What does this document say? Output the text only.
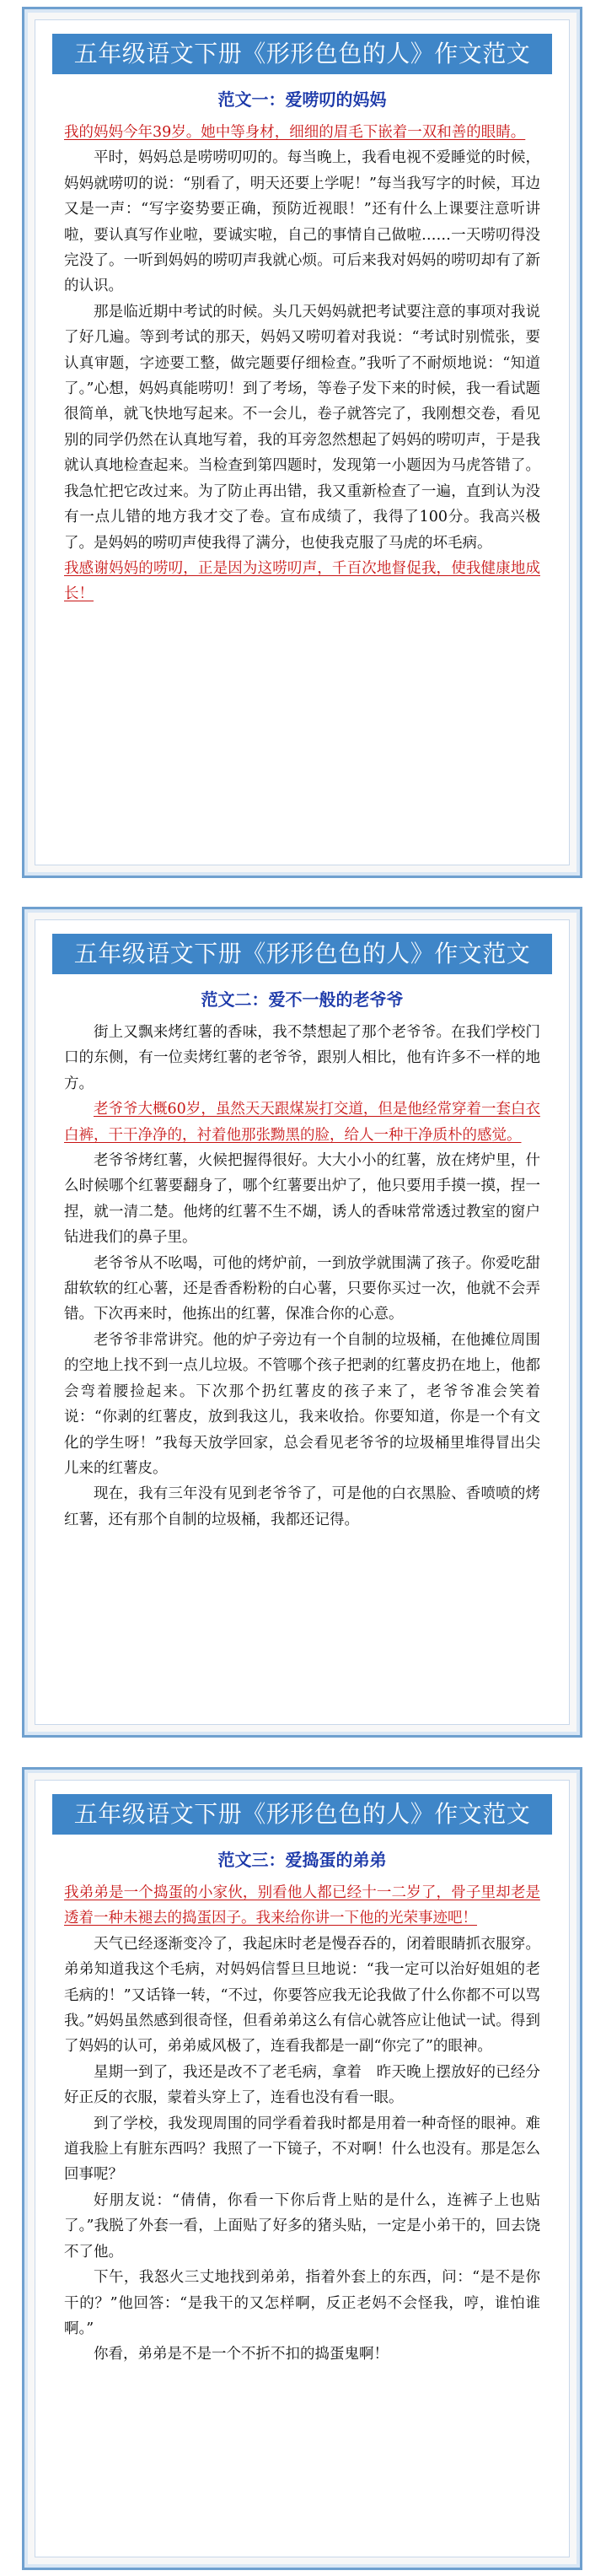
五年级语文下册《形形色色的人》作文范文
范文一：爱唠叨的妈妈

我的妈妈今年39岁。她中等身材，细细的眉毛下嵌着一双和善的眼睛。

平时，妈妈总是唠唠叨叨的。每当晚上，我看电视不爱睡觉的时候，妈妈就唠叨的说：“别看了，明天还要上学呢！”每当我写字的时候，耳边又是一声：“写字姿势要正确，预防近视眼！”还有什么上课要注意听讲啦，要认真写作业啦，要诚实啦，自己的事情自己做啦……一天唠叨得没完没了。一听到妈妈的唠叨声我就心烦。可后来我对妈妈的唠叨却有了新的认识。

那是临近期中考试的时候。头几天妈妈就把考试要注意的事项对我说了好几遍。等到考试的那天，妈妈又唠叨着对我说：“考试时别慌张，要认真审题，字迹要工整，做完题要仔细检查。”我听了不耐烦地说：“知道了。”心想，妈妈真能唠叨！到了考场，等卷子发下来的时候，我一看试题很简单，就飞快地写起来。不一会儿，卷子就答完了，我刚想交卷，看见别的同学仍然在认真地写着，我的耳旁忽然想起了妈妈的唠叨声，于是我就认真地检查起来。当检查到第四题时，发现第一小题因为马虎答错了。我急忙把它改过来。为了防止再出错，我又重新检查了一遍，直到认为没有一点儿错的地方我才交了卷。宣布成绩了，我得了100分。我高兴极了。是妈妈的唠叨声使我得了满分，也使我克服了马虎的坏毛病。

我感谢妈妈的唠叨，正是因为这唠叨声，千百次地督促我，使我健康地成长！

五年级语文下册《形形色色的人》作文范文
范文二：爱不一般的老爷爷

街上又飘来烤红薯的香味，我不禁想起了那个老爷爷。在我们学校门口的东侧，有一位卖烤红薯的老爷爷，跟别人相比，他有许多不一样的地方。

老爷爷大概60岁，虽然天天跟煤炭打交道，但是他经常穿着一套白衣白裤，干干净净的，衬着他那张黝黑的脸，给人一种干净质朴的感觉。

老爷爷烤红薯，火候把握得很好。大大小小的红薯，放在烤炉里，什么时候哪个红薯要翻身了，哪个红薯要出炉了，他只要用手摸一摸，捏一捏，就一清二楚。他烤的红薯不生不煳，诱人的香味常常透过教室的窗户钻进我们的鼻子里。

老爷爷从不吆喝，可他的烤炉前，一到放学就围满了孩子。你爱吃甜甜软软的红心薯，还是香香粉粉的白心薯，只要你买过一次，他就不会弄错。下次再来时，他拣出的红薯，保准合你的心意。

老爷爷非常讲究。他的炉子旁边有一个自制的垃圾桶，在他摊位周围的空地上找不到一点儿垃圾。不管哪个孩子把剥的红薯皮扔在地上，他都会弯着腰捡起来。下次那个扔红薯皮的孩子来了，老爷爷准会笑着说：“你剥的红薯皮，放到我这儿，我来收拾。你要知道，你是一个有文化的学生呀！”我每天放学回家，总会看见老爷爷的垃圾桶里堆得冒出尖儿来的红薯皮。

现在，我有三年没有见到老爷爷了，可是他的白衣黑脸、香喷喷的烤红薯，还有那个自制的垃圾桶，我都还记得。

五年级语文下册《形形色色的人》作文范文
范文三：爱捣蛋的弟弟

我弟弟是一个捣蛋的小家伙，别看他人都已经十一二岁了，骨子里却老是透着一种未褪去的捣蛋因子。我来给你讲一下他的光荣事迹吧！

天气已经逐渐变冷了，我起床时老是慢吞吞的，闭着眼睛抓衣服穿。弟弟知道我这个毛病，对妈妈信誓旦旦地说：“我一定可以治好姐姐的老毛病的！”又话锋一转，“不过，你要答应我无论我做了什么你都不可以骂我。”妈妈虽然感到很奇怪，但看弟弟这么有信心就答应让他试一试。得到了妈妈的认可，弟弟威风极了，连看我都是一副“你完了”的眼神。

星期一到了，我还是改不了老毛病，拿着　昨天晚上摆放好的已经分好正反的衣服，蒙着头穿上了，连看也没有看一眼。

到了学校，我发现周围的同学看着我时都是用着一种奇怪的眼神。难道我脸上有脏东西吗？我照了一下镜子，不对啊！什么也没有。那是怎么回事呢？

好朋友说：“倩倩，你看一下你后背上贴的是什么，连裤子上也贴了。”我脱了外套一看，上面贴了好多的猪头贴，一定是小弟干的，回去饶不了他。

下午，我怒火三丈地找到弟弟，指着外套上的东西，问：“是不是你干的？”他回答：“是我干的又怎样啊，反正老妈不会怪我，哼，谁怕谁啊。”

你看，弟弟是不是一个不折不扣的捣蛋鬼啊！
